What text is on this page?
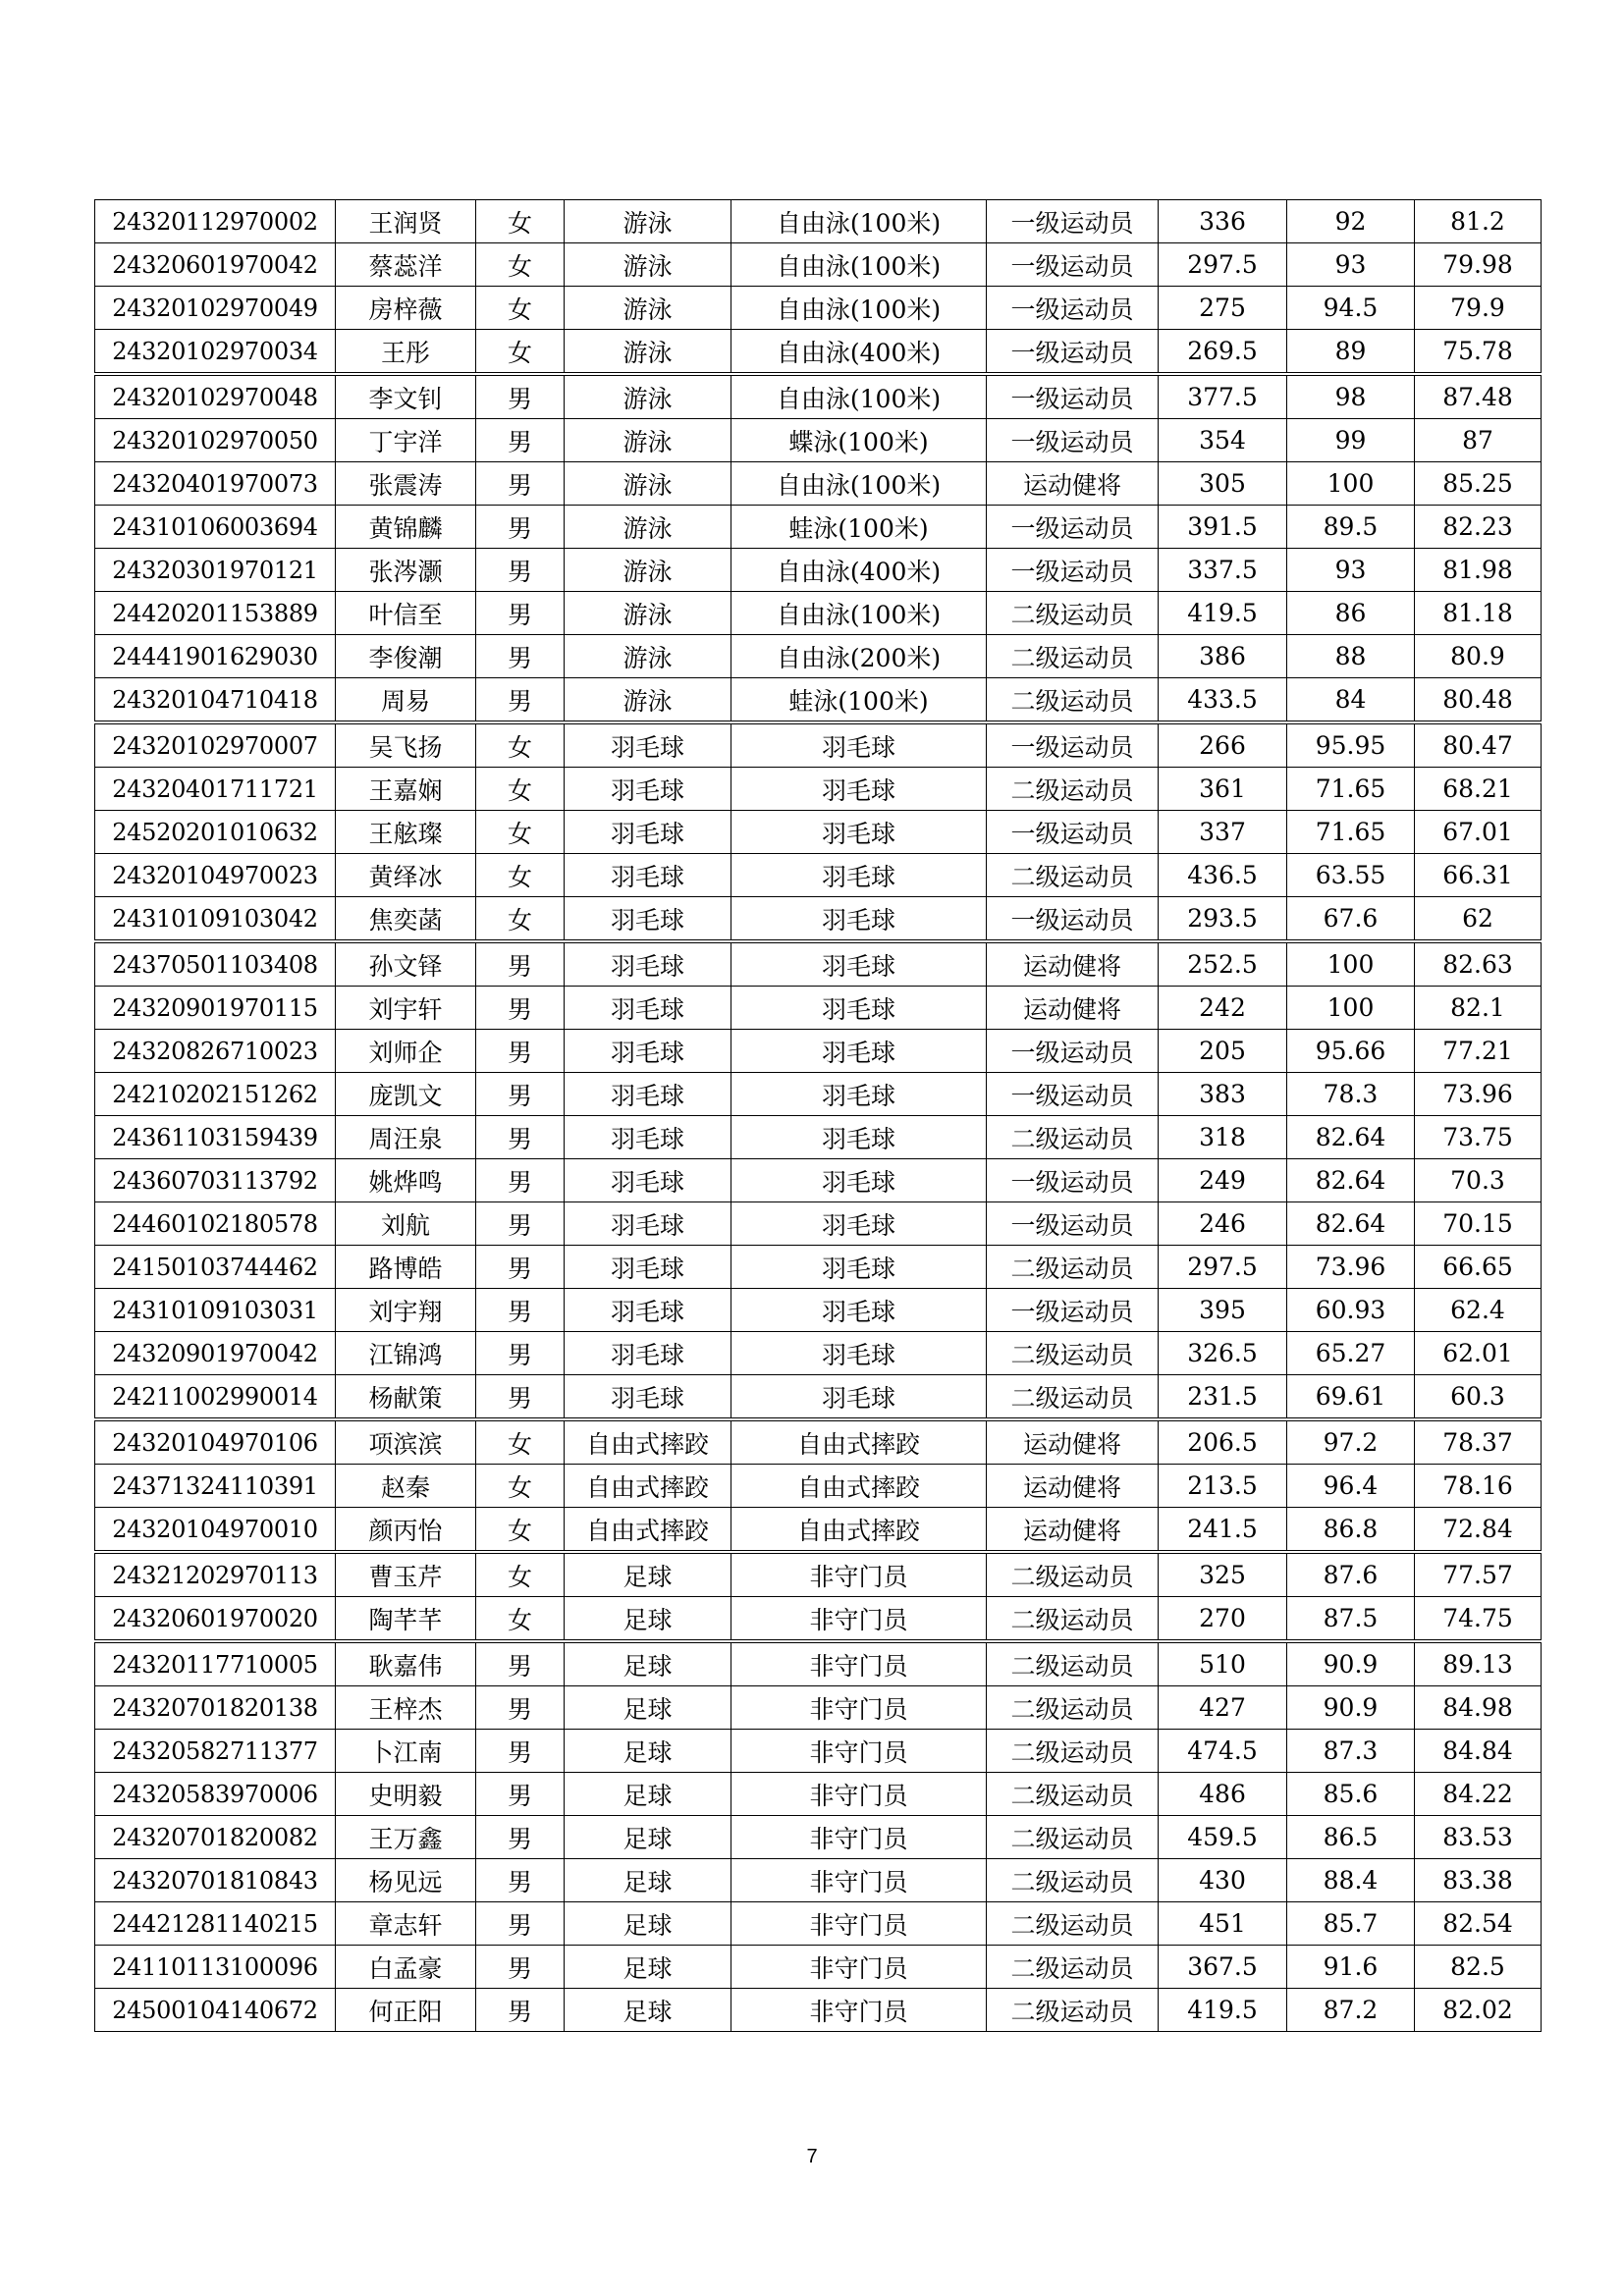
24320112970002	王润贤	女	游泳	自由泳(100米)	一级运动员	336	92	81.2
24320601970042	蔡蕊洋	女	游泳	自由泳(100米)	一级运动员	297.5	93	79.98
24320102970049	房梓薇	女	游泳	自由泳(100米)	一级运动员	275	94.5	79.9
24320102970034	王彤	女	游泳	自由泳(400米)	一级运动员	269.5	89	75.78
24320102970048	李文钊	男	游泳	自由泳(100米)	一级运动员	377.5	98	87.48
24320102970050	丁宇洋	男	游泳	蝶泳(100米)	一级运动员	354	99	87
24320401970073	张震涛	男	游泳	自由泳(100米)	运动健将	305	100	85.25
24310106003694	黄锦麟	男	游泳	蛙泳(100米)	一级运动员	391.5	89.5	82.23
24320301970121	张涔灏	男	游泳	自由泳(400米)	一级运动员	337.5	93	81.98
24420201153889	叶信至	男	游泳	自由泳(100米)	二级运动员	419.5	86	81.18
24441901629030	李俊潮	男	游泳	自由泳(200米)	二级运动员	386	88	80.9
24320104710418	周易	男	游泳	蛙泳(100米)	二级运动员	433.5	84	80.48
24320102970007	吴飞扬	女	羽毛球	羽毛球	一级运动员	266	95.95	80.47
24320401711721	王嘉娴	女	羽毛球	羽毛球	二级运动员	361	71.65	68.21
24520201010632	王舷璨	女	羽毛球	羽毛球	一级运动员	337	71.65	67.01
24320104970023	黄绎冰	女	羽毛球	羽毛球	二级运动员	436.5	63.55	66.31
24310109103042	焦奕菡	女	羽毛球	羽毛球	一级运动员	293.5	67.6	62
24370501103408	孙文铎	男	羽毛球	羽毛球	运动健将	252.5	100	82.63
24320901970115	刘宇轩	男	羽毛球	羽毛球	运动健将	242	100	82.1
24320826710023	刘师企	男	羽毛球	羽毛球	一级运动员	205	95.66	77.21
24210202151262	庞凯文	男	羽毛球	羽毛球	一级运动员	383	78.3	73.96
24361103159439	周汪泉	男	羽毛球	羽毛球	二级运动员	318	82.64	73.75
24360703113792	姚烨鸣	男	羽毛球	羽毛球	一级运动员	249	82.64	70.3
24460102180578	刘航	男	羽毛球	羽毛球	一级运动员	246	82.64	70.15
24150103744462	路博皓	男	羽毛球	羽毛球	二级运动员	297.5	73.96	66.65
24310109103031	刘宇翔	男	羽毛球	羽毛球	一级运动员	395	60.93	62.4
24320901970042	江锦鸿	男	羽毛球	羽毛球	二级运动员	326.5	65.27	62.01
24211002990014	杨献策	男	羽毛球	羽毛球	二级运动员	231.5	69.61	60.3
24320104970106	项滨滨	女	自由式摔跤	自由式摔跤	运动健将	206.5	97.2	78.37
24371324110391	赵秦	女	自由式摔跤	自由式摔跤	运动健将	213.5	96.4	78.16
24320104970010	颜丙怡	女	自由式摔跤	自由式摔跤	运动健将	241.5	86.8	72.84
24321202970113	曹玉芹	女	足球	非守门员	二级运动员	325	87.6	77.57
24320601970020	陶芊芊	女	足球	非守门员	二级运动员	270	87.5	74.75
24320117710005	耿嘉伟	男	足球	非守门员	二级运动员	510	90.9	89.13
24320701820138	王梓杰	男	足球	非守门员	二级运动员	427	90.9	84.98
24320582711377	卜江南	男	足球	非守门员	二级运动员	474.5	87.3	84.84
24320583970006	史明毅	男	足球	非守门员	二级运动员	486	85.6	84.22
24320701820082	王万鑫	男	足球	非守门员	二级运动员	459.5	86.5	83.53
24320701810843	杨见远	男	足球	非守门员	二级运动员	430	88.4	83.38
24421281140215	章志轩	男	足球	非守门员	二级运动员	451	85.7	82.54
24110113100096	白孟豪	男	足球	非守门员	二级运动员	367.5	91.6	82.5
24500104140672	何正阳	男	足球	非守门员	二级运动员	419.5	87.2	82.02
7
